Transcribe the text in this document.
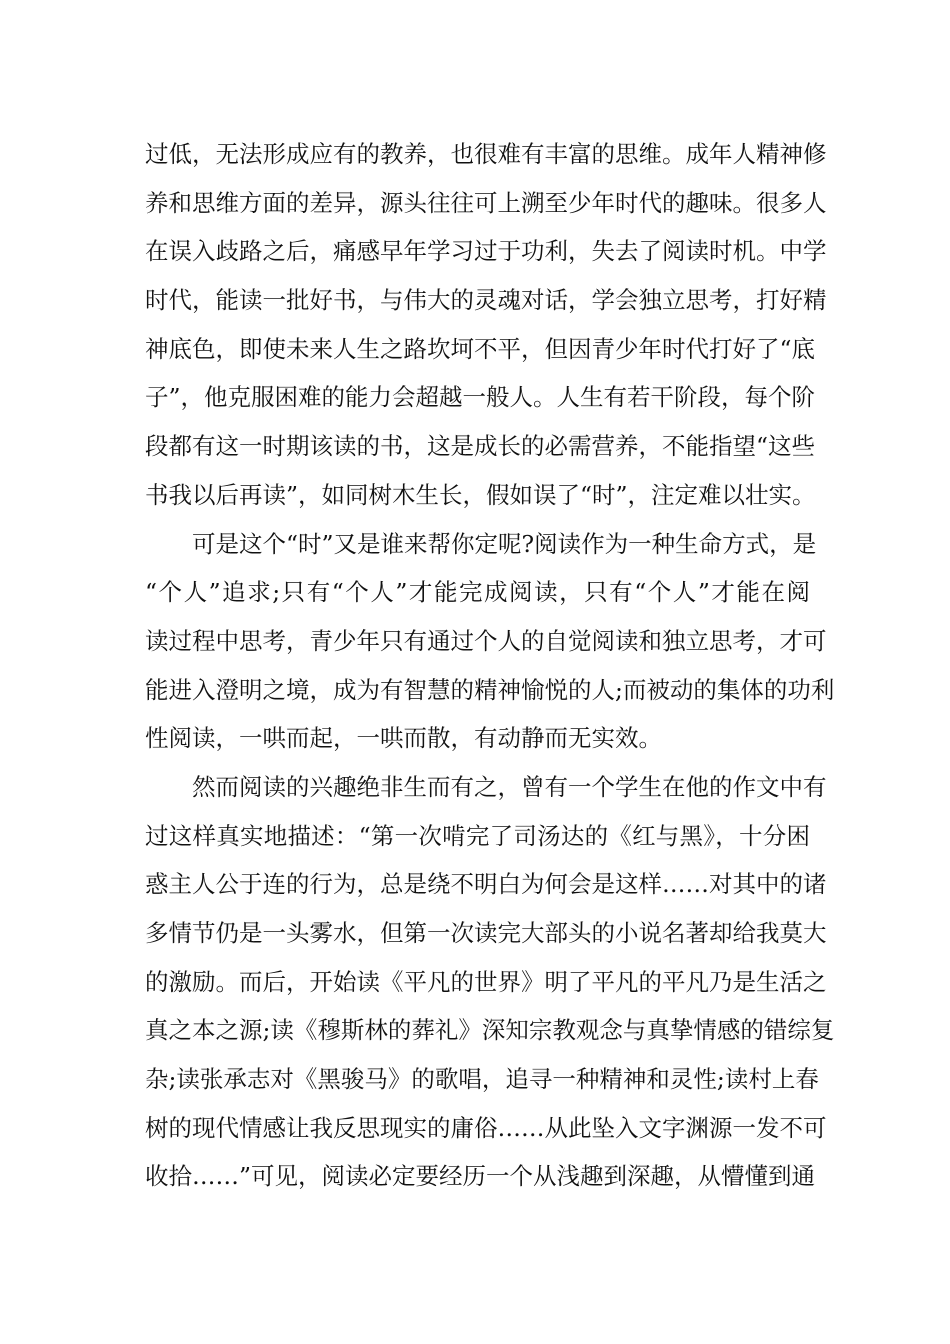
过低，无法形成应有的教养，也很难有丰富的思维。成年人精神修
养和思维方面的差异，源头往往可上溯至少年时代的趣味。很多人
在误入歧路之后，痛感早年学习过于功利，失去了阅读时机。中学
时代，能读一批好书，与伟大的灵魂对话，学会独立思考，打好精
神底色，即使未来人生之路坎坷不平，但因青少年时代打好了“底
子”，他克服困难的能力会超越一般人。人生有若干阶段，每个阶
段都有这一时期该读的书，这是成长的必需营养，不能指望“这些
书我以后再读”，如同树木生长，假如误了“时”，注定难以壮实。
可是这个“时”又是谁来帮你定呢?阅读作为一种生命方式，是
“个人”追求;只有“个人”才能完成阅读，只有“个人”才能在阅
读过程中思考，青少年只有通过个人的自觉阅读和独立思考，才可
能进入澄明之境，成为有智慧的精神愉悦的人;而被动的集体的功利
性阅读，一哄而起，一哄而散，有动静而无实效。
然而阅读的兴趣绝非生而有之，曾有一个学生在他的作文中有
过这样真实地描述：“第一次啃完了司汤达的《红与黑》，十分困
惑主人公于连的行为，总是绕不明白为何会是这样……对其中的诸
多情节仍是一头雾水，但第一次读完大部头的小说名著却给我莫大
的激励。而后，开始读《平凡的世界》明了平凡的平凡乃是生活之
真之本之源;读《穆斯林的葬礼》深知宗教观念与真挚情感的错综复
杂;读张承志对《黑骏马》的歌唱，追寻一种精神和灵性;读村上春
树的现代情感让我反思现实的庸俗……从此坠入文字渊源一发不可
收拾……”可见，阅读必定要经历一个从浅趣到深趣，从懵懂到通
